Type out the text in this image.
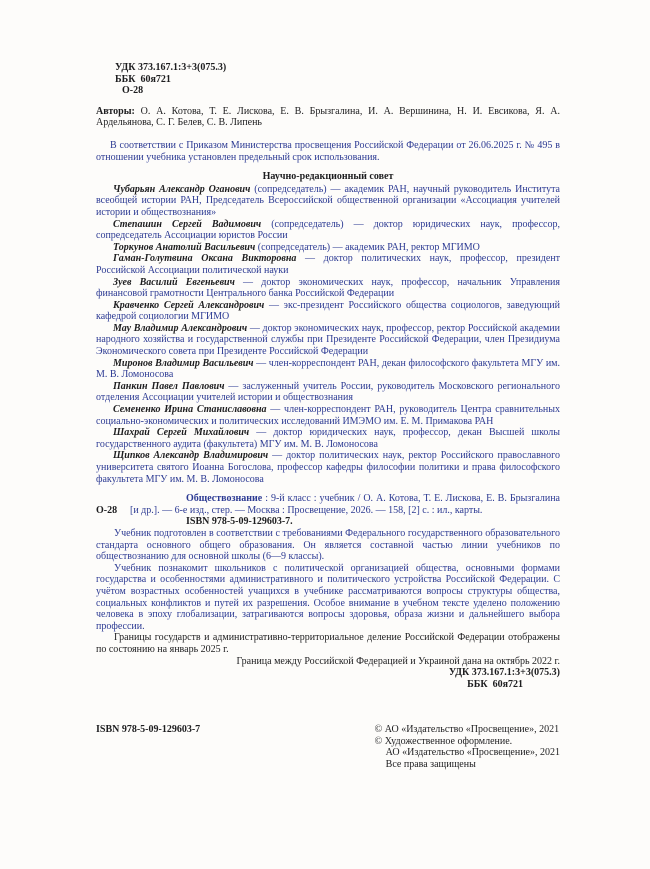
УДК 373.167.1:3+3(075.3)
ББК  60я721
О-28

Авторы: О. А. Котова, Т. Е. Лискова, Е. В. Брызгалина, И. А. Вершинина, Н. И. Евсикова, Я. А. Ардельянова, С. Г. Белев, С. В. Липень

В соответствии с Приказом Министерства просвещения Российской Федерации от 26.06.2025 г. № 495 в отношении учебника установлен предельный срок использования.

Научно-редакционный совет

Чубарьян Александр Оганович (сопредседатель) — академик РАН, научный руководитель Института всеобщей истории РАН, Председатель Всероссийской общественной организации «Ассоциация учителей истории и обществознания»

Степашин Сергей Вадимович (сопредседатель) — доктор юридических наук, профессор, сопредседатель Ассоциации юристов России

Торкунов Анатолий Васильевич (сопредседатель) — академик РАН, ректор МГИМО

Гаман-Голутвина Оксана Викторовна — доктор политических наук, профессор, президент Российской Ассоциации политической науки

Зуев Василий Евгеньевич — доктор экономических наук, профессор, начальник Управления финансовой грамотности Центрального банка Российской Федерации

Кравченко Сергей Александрович — экс-президент Российского общества социологов, заведующий кафедрой социологии МГИМО

Мау Владимир Александрович — доктор экономических наук, профессор, ректор Российской академии народного хозяйства и государственной службы при Президенте Российской Федерации, член Президиума Экономического совета при Президенте Российской Федерации

Миронов Владимир Васильевич — член-корреспондент РАН, декан философского факультета МГУ им. М. В. Ломоносова

Панкин Павел Павлович — заслуженный учитель России, руководитель Московского регионального отделения Ассоциации учителей истории и обществознания

Семененко Ирина Станиславовна — член-корреспондент РАН, руководитель Центра сравнительных социально-экономических и политических исследований ИМЭМО им. Е. М. Примакова РАН

Шахрай Сергей Михайлович — доктор юридических наук, профессор, декан Высшей школы государственного аудита (факультета) МГУ им. М. В. Ломоносова

Щипков Александр Владимирович — доктор политических наук, ректор Российского православного университета святого Иоанна Богослова, профессор кафедры философии политики и права философского факультета МГУ им. М. В. Ломоносова

О-28

Обществознание : 9-й класс : учебник / О. А. Котова, Т. Е. Лискова, Е. В. Брызгалина [и др.]. — 6-е изд., стер. — Москва : Просвещение, 2026. — 158, [2] с. : ил., карты.

ISBN 978-5-09-129603-7.

Учебник подготовлен в соответствии с требованиями Федерального государственного образовательного стандарта основного общего образования. Он является составной частью линии учебников по обществознанию для основной школы (6—9 классы).

Учебник познакомит школьников с политической организацией общества, основными формами государства и особенностями административного и политического устройства Российской Федерации. С учётом возрастных особенностей учащихся в учебнике рассматриваются вопросы структуры общества, социальных конфликтов и путей их разрешения. Особое внимание в учебном тексте уделено положению человека в эпоху глобализации, затрагиваются вопросы здоровья, образа жизни и дальнейшего выбора профессии.

Границы государств и административно-территориальное деление Российской Федерации отображены по состоянию на январь 2025 г.

Граница между Российской Федерацией и Украиной дана на октябрь 2022 г.

УДК 373.167.1:3+3(075.3)

ББК  60я721

ISBN 978-5-09-129603-7	© АО «Издательство «Просвещение», 2021
© Художественное оформление.
АО «Издательство «Просвещение», 2021
Все права защищены
